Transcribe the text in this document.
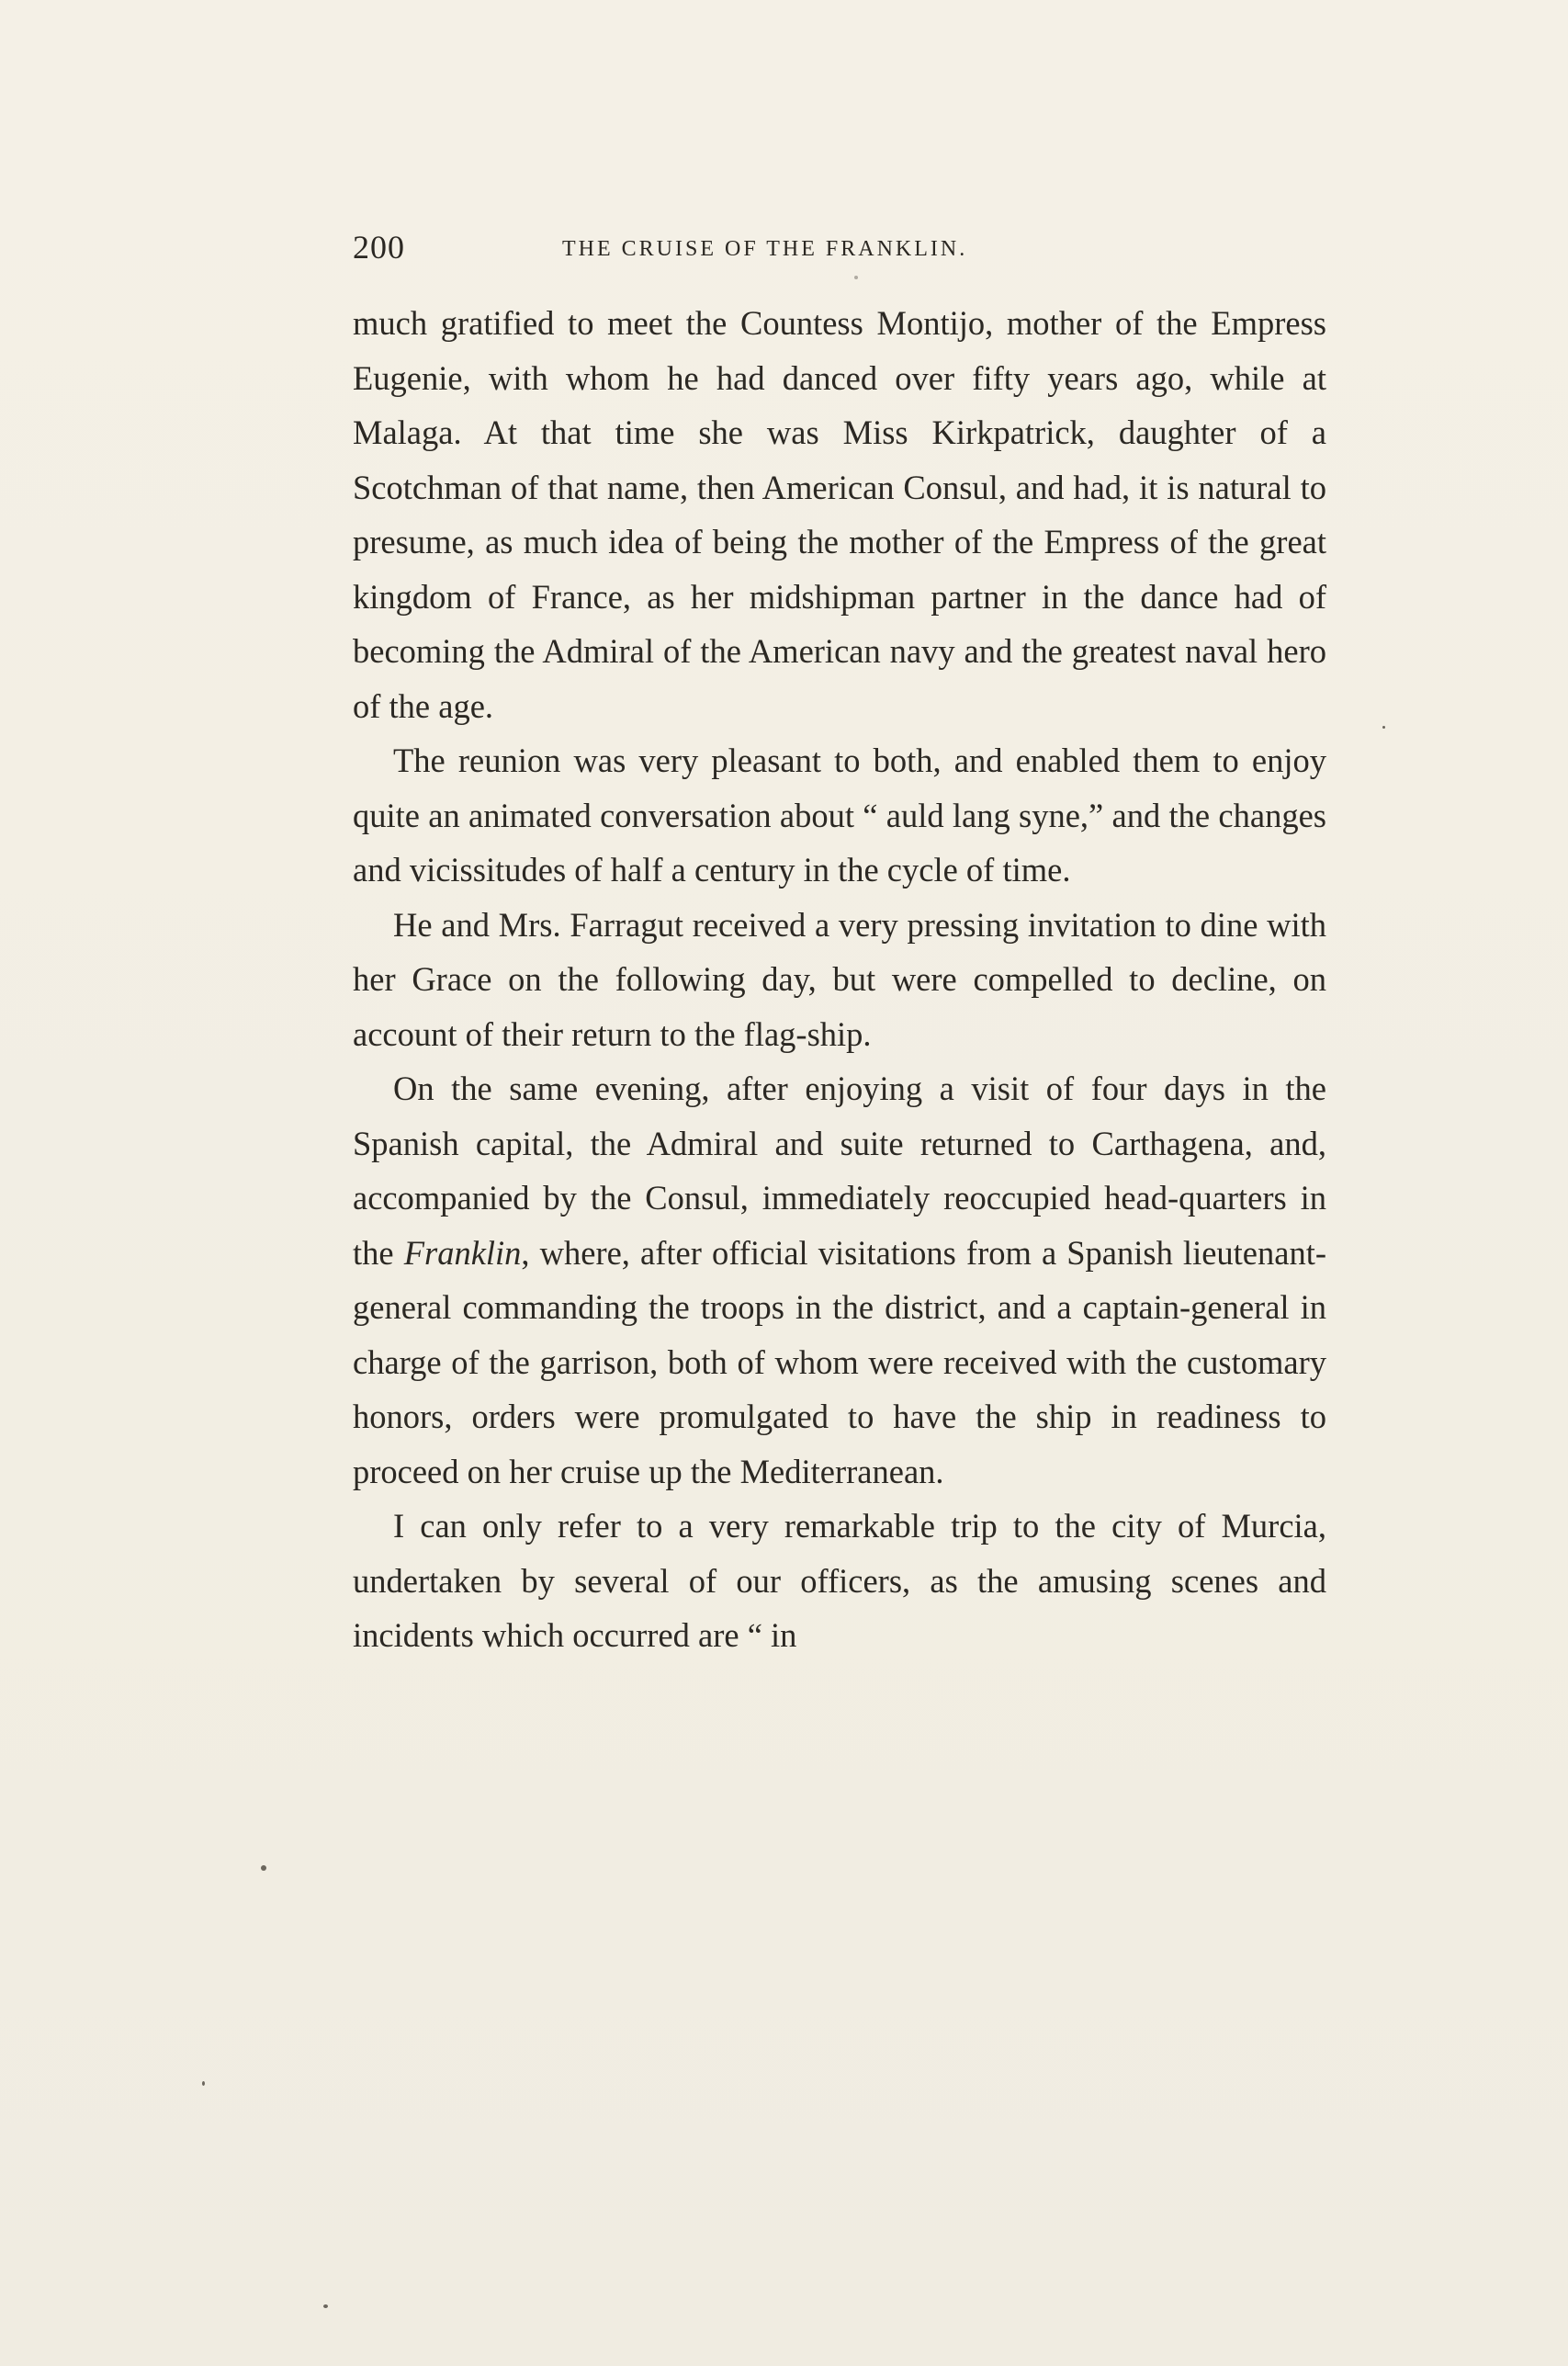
200	THE CRUISE OF THE FRANKLIN.

much gratified to meet the Countess Montijo, mother of the Empress Eugenie, with whom he had danced over fifty years ago, while at Malaga. At that time she was Miss Kirkpatrick, daughter of a Scotchman of that name, then American Consul, and had, it is natural to presume, as much idea of being the mother of the Empress of the great kingdom of France, as her midshipman partner in the dance had of becoming the Admiral of the American navy and the greatest naval hero of the age.

The reunion was very pleasant to both, and enabled them to enjoy quite an animated conversation about “ auld lang syne,” and the changes and vicissitudes of half a century in the cycle of time.

He and Mrs. Farragut received a very pressing invitation to dine with her Grace on the following day, but were compelled to decline, on account of their return to the flag-ship.

On the same evening, after enjoying a visit of four days in the Spanish capital, the Admiral and suite returned to Carthagena, and, accompanied by the Consul, immediately reoccupied head-quarters in the Franklin, where, after official visitations from a Spanish lieutenant-general commanding the troops in the district, and a captain-general in charge of the garrison, both of whom were received with the customary honors, orders were promulgated to have the ship in readiness to proceed on her cruise up the Mediterranean.

I can only refer to a very remarkable trip to the city of Murcia, undertaken by several of our officers, as the amusing scenes and incidents which occurred are “ in
